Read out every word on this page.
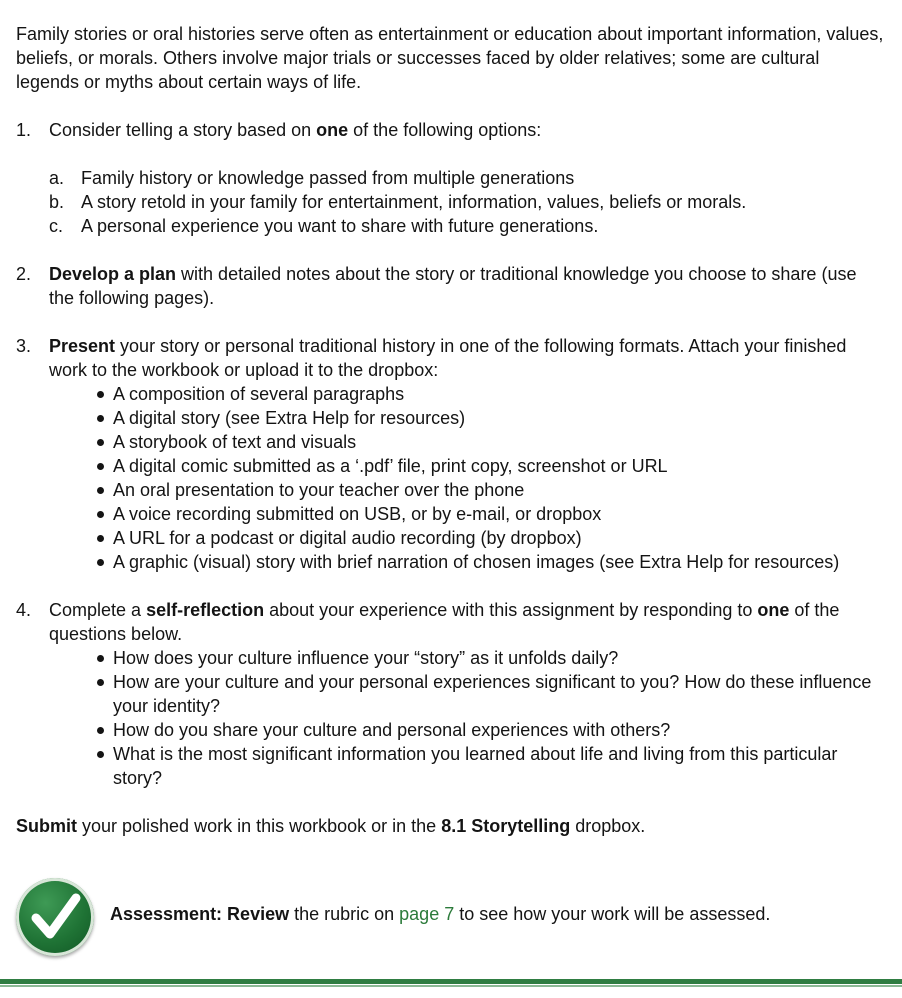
Family stories or oral histories serve often as entertainment or education about important information, values, beliefs, or morals. Others involve major trials or successes faced by older relatives; some are cultural legends or myths about certain ways of life.

1. Consider telling a story based on one of the following options:

a. Family history or knowledge passed from multiple generations
b. A story retold in your family for entertainment, information, values, beliefs or morals.
c. A personal experience you want to share with future generations.
2. Develop a plan with detailed notes about the story or traditional knowledge you choose to share (use the following pages).

3. Present your story or personal traditional history in one of the following formats. Attach your finished work to the workbook or upload it to the dropbox:

A composition of several paragraphs
A digital story (see Extra Help for resources)
A storybook of text and visuals
A digital comic submitted as a ‘.pdf’ file, print copy, screenshot or URL
An oral presentation to your teacher over the phone
A voice recording submitted on USB, or by e-mail, or dropbox
A URL for a podcast or digital audio recording (by dropbox)
A graphic (visual) story with brief narration of chosen images (see Extra Help for resources)
4. Complete a self-reflection about your experience with this assignment by responding to one of the questions below.

How does your culture influence your “story” as it unfolds daily?
How are your culture and your personal experiences significant to you? How do these influence your identity?
How do you share your culture and personal experiences with others?
What is the most significant information you learned about life and living from this particular story?

Submit your polished work in this workbook or in the 8.1 Storytelling dropbox.

Assessment: Review the rubric on page 7 to see how your work will be assessed.
